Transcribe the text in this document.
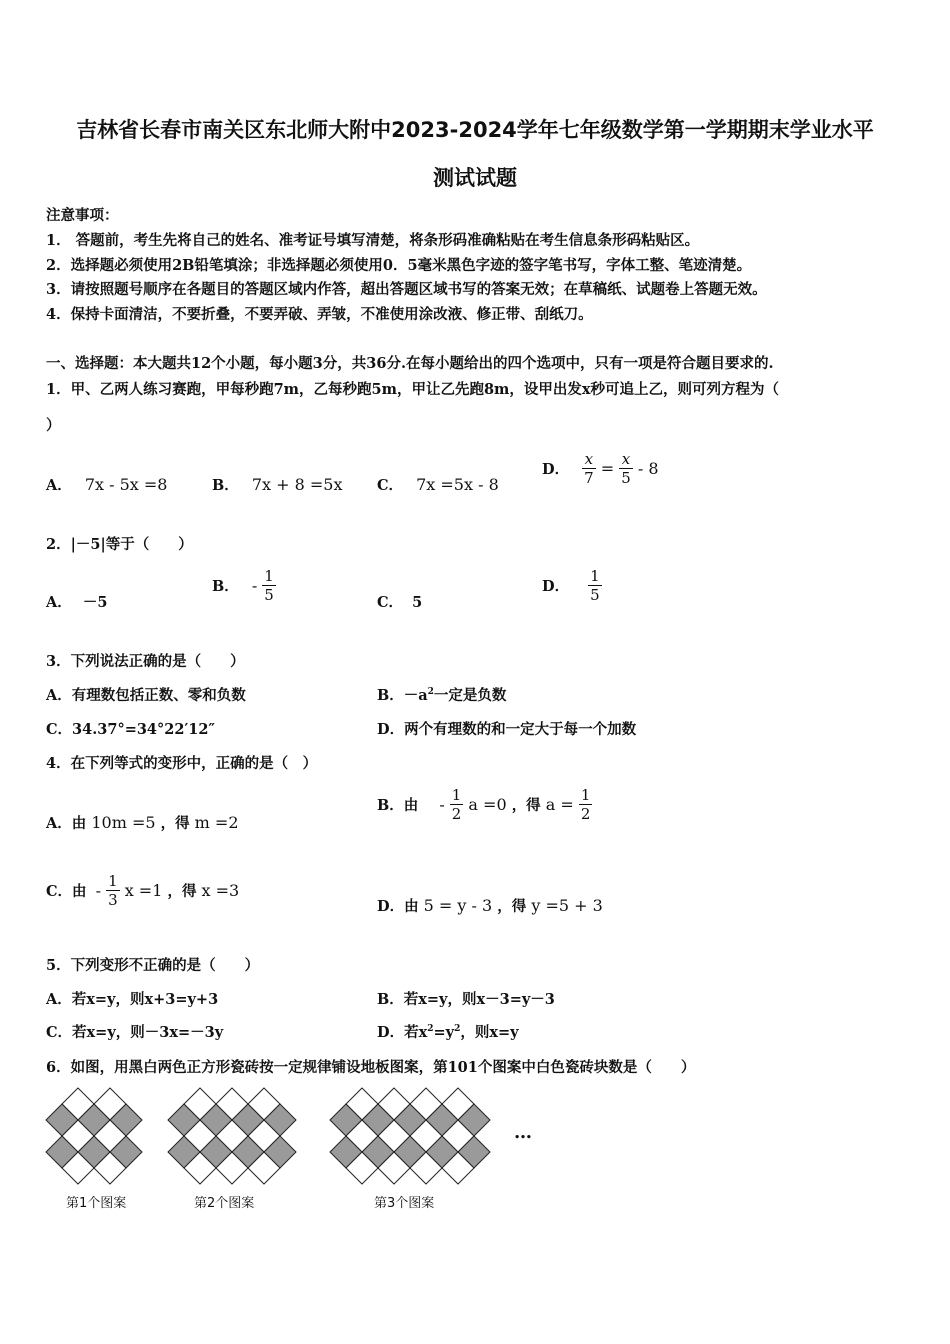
吉林省长春市南关区东北师大附中2023-2024学年七年级数学第一学期期末学业水平
测试试题
注意事项：
1． 答题前，考生先将自己的姓名、准考证号填写清楚，将条形码准确粘贴在考生信息条形码粘贴区。
2．选择题必须使用2B铅笔填涂；非选择题必须使用0．5毫米黑色字迹的签字笔书写，字体工整、笔迹清楚。
3．请按照题号顺序在各题目的答题区域内作答，超出答题区域书写的答案无效；在草稿纸、试题卷上答题无效。
4．保持卡面清洁，不要折叠，不要弄破、弄皱，不准使用涂改液、修正带、刮纸刀。
一、选择题：本大题共12个小题，每小题3分，共36分.在每小题给出的四个选项中，只有一项是符合题目要求的.
1．甲、乙两人练习赛跑，甲每秒跑7m，乙每秒跑5m，甲让乙先跑8m，设甲出发x秒可追上乙，则可列方程为（
）
A． 7x - 5x =8	B． 7x + 8 =5x C． 7x =5x - 8
D． $\frac{x}{7} = \frac{x}{5} - 8$
2．|－5|等于（　　）
A． －5
B． - $\frac{1}{5}$	C． 5
D． $\frac{1}{5}$
3．下列说法正确的是（　　）
A．有理数包括正数、零和负数	B．$-a^2$一定是负数
C．34.37°=34°22′12″	D．两个有理数的和一定大于每一个加数
4．在下列等式的变形中，正确的是（　）
A．由 10m =5 ，得 m =2
B．由 - $\frac{1}{2}$ a =0 ，得 $a = \frac{1}{2}$
C．由 - $\frac{1}{3}$ x =1 ，得 x =3
D．由 5 = y - 3 ，得 y =5 + 3
5．下列变形不正确的是（　　）
A．若x=y，则x+3=y+3	B．若x=y，则x－3=y－3
C．若x=y，则－3x=－3y	D．若$x^2=y^2$，则x=y
6．如图，用黑白两色正方形瓷砖按一定规律铺设地板图案，第101个图案中白色瓷砖块数是（　　）
第1个图案	第2个图案	第3个图案
…
